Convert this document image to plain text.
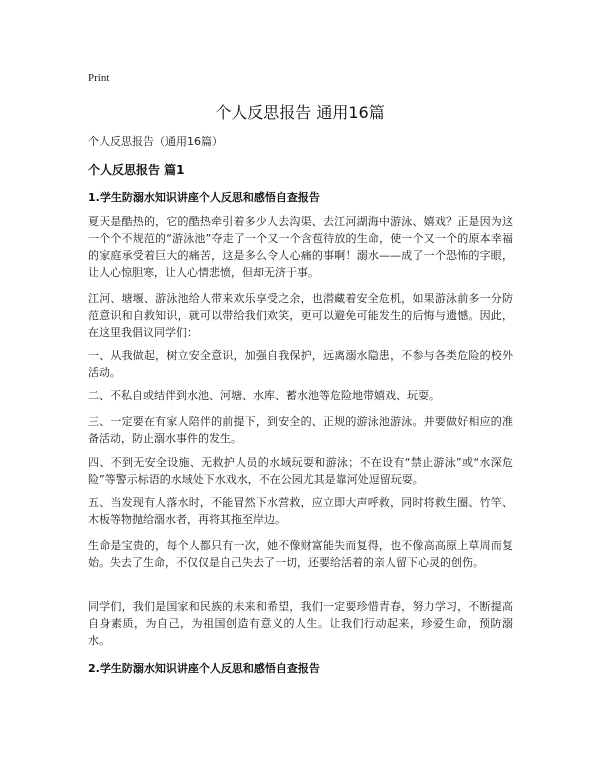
Print
个人反思报告 通用16篇
个人反思报告（通用16篇）
个人反思报告 篇1
1.学生防溺水知识讲座个人反思和感悟自查报告
夏天是酷热的，它的酷热牵引着多少人去沟渠、去江河湖海中游泳、嬉戏？正是因为这一个个不规范的“游泳池”夺走了一个又一个含苞待放的生命，使一个又一个的原本幸福的家庭承受着巨大的痛苦，这是多么令人心痛的事啊！溺水——成了一个恐怖的字眼，让人心惊胆寒，让人心情悲愤，但却无济于事。
江河、塘堰、游泳池给人带来欢乐享受之余，也潜藏着安全危机，如果游泳前多一分防范意识和自救知识，就可以带给我们欢笑，更可以避免可能发生的后悔与遗憾。因此，在这里我倡议同学们：
一、从我做起，树立安全意识，加强自我保护，远离溺水隐患，不参与各类危险的校外活动。
二、不私自或结伴到水池、河塘、水库、蓄水池等危险地带嬉戏、玩耍。
三、一定要在有家人陪伴的前提下，到安全的、正规的游泳池游泳。并要做好相应的准备活动，防止溺水事件的发生。
四、不到无安全设施、无救护人员的水域玩耍和游泳；不在设有“禁止游泳”或“水深危险”等警示标语的水域处下水戏水，不在公园尤其是靠河处逗留玩耍。
五、当发现有人落水时，不能冒然下水营救，应立即大声呼救，同时将救生圈、竹竿、木板等物抛给溺水者，再将其拖至岸边。
生命是宝贵的，每个人都只有一次，她不像财富能失而复得，也不像高高原上草周而复始。失去了生命，不仅仅是自己失去了一切，还要给活着的亲人留下心灵的创伤。
同学们，我们是国家和民族的未来和希望，我们一定要珍惜青春，努力学习，不断提高自身素质，为自己，为祖国创造有意义的人生。让我们行动起来，珍爱生命，预防溺水。
2.学生防溺水知识讲座个人反思和感悟自查报告
